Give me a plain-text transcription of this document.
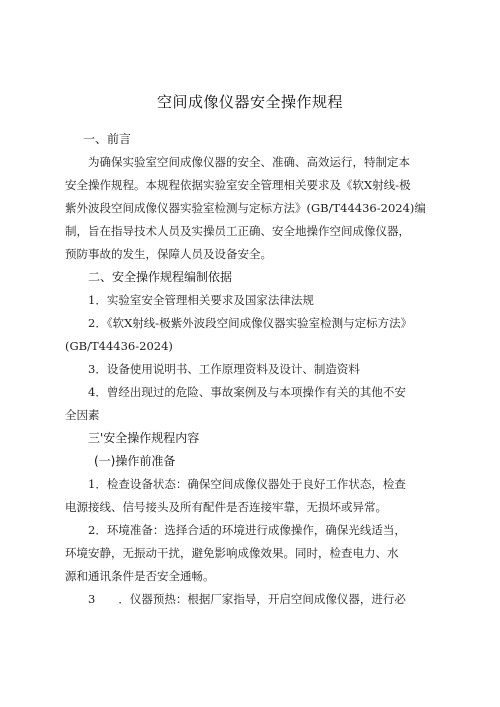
空间成像仪器安全操作规程
一、前言
为确保实验室空间成像仪器的安全、准确、高效运行，特制定本
安全操作规程。本规程依据实验室安全管理相关要求及《软X射线-极
紫外波段空间成像仪器实验室检测与定标方法》(GB/T44436-2024)编
制，旨在指导技术人员及实操员工正确、安全地操作空间成像仪器，
预防事故的发生，保障人员及设备安全。
二、安全操作规程编制依据
1．实验室安全管理相关要求及国家法律法规
2．《软X射线-极紫外波段空间成像仪器实验室检测与定标方法》
(GB/T44436-2024)
3．设备使用说明书、工作原理资料及设计、制造资料
4．曾经出现过的危险、事故案例及与本项操作有关的其他不安
全因素
三'安全操作规程内容
(一)操作前准备
1．检查设备状态：确保空间成像仪器处于良好工作状态，检查
电源接线、信号接头及所有配件是否连接牢靠，无损坏或异常。
2．环境准备：选择合适的环境进行成像操作，确保光线适当，
环境安静，无振动干扰，避免影响成像效果。同时，检查电力、水
源和通讯条件是否安全通畅。
3　　．仪器预热：根据厂家指导，开启空间成像仪器，进行必
